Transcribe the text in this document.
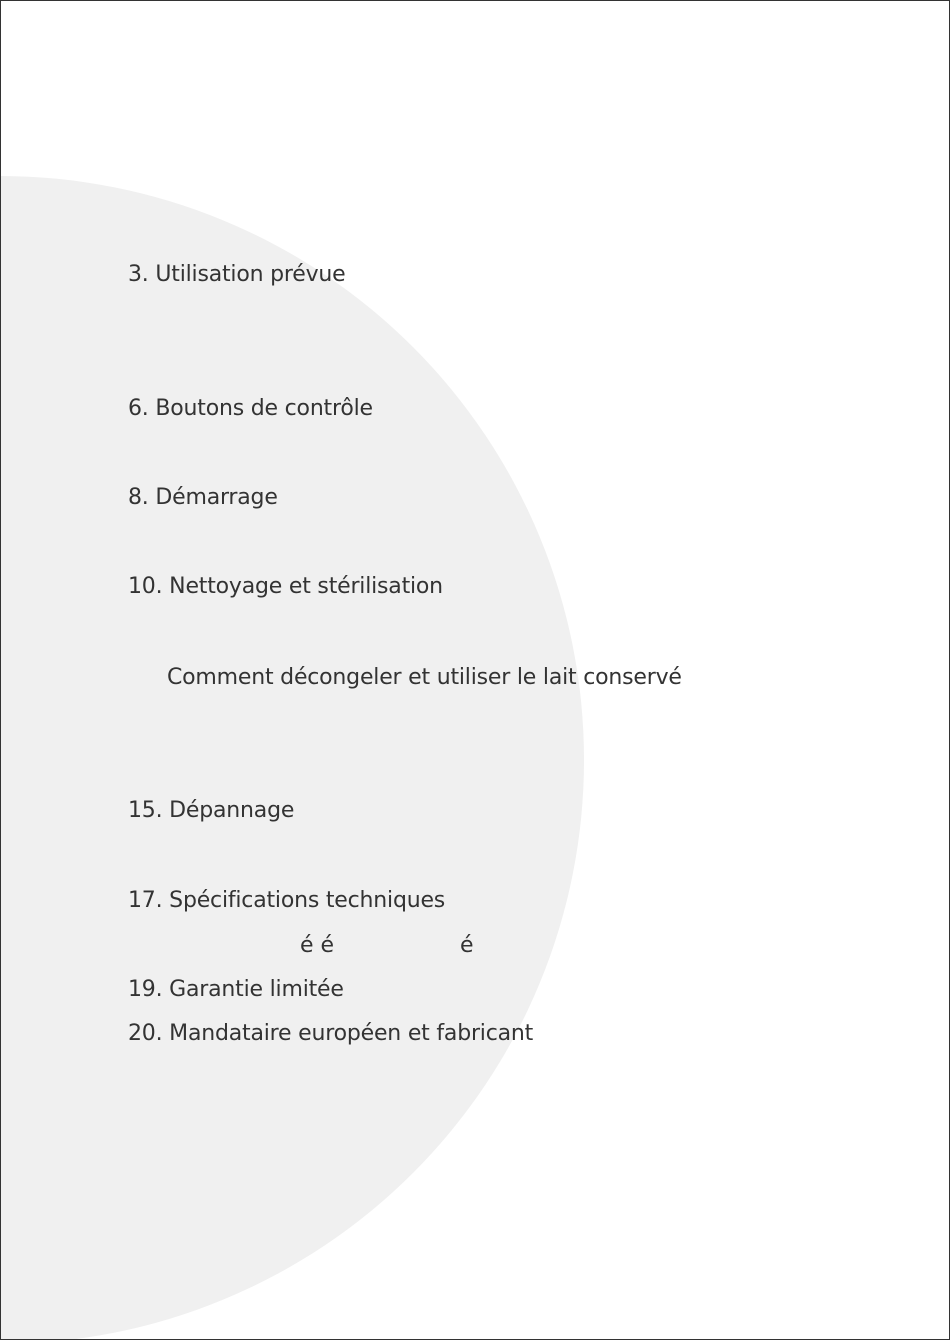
3. Utilisation prévue
6. Boutons de contrôle
8. Démarrage
10. Nettoyage et stérilisation
Comment décongeler et utiliser le lait conservé
15. Dépannage
17. Spécifications techniques
é é	é
19. Garantie limitée
20. Mandataire européen et fabricant
